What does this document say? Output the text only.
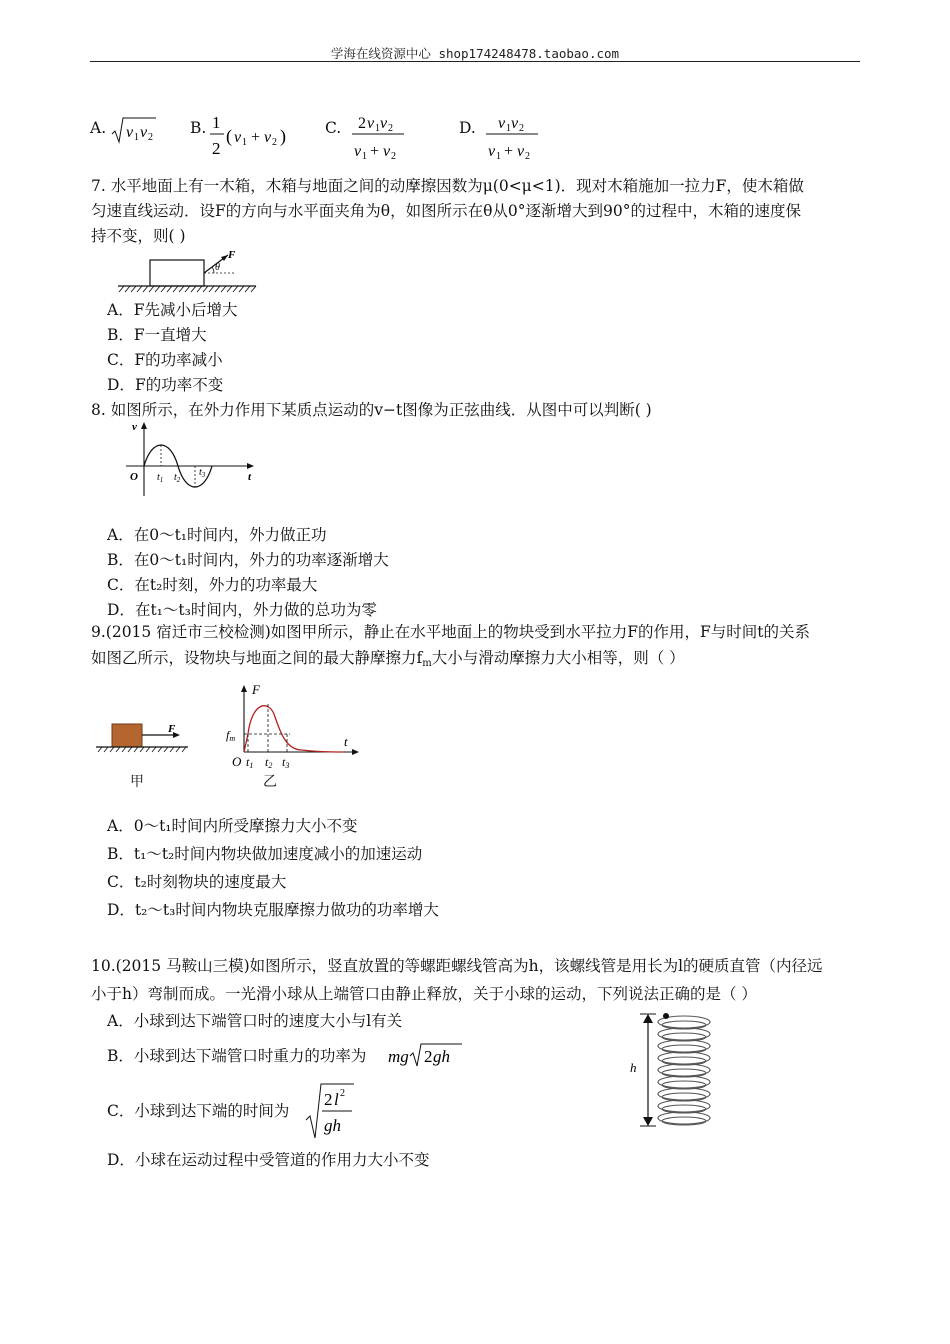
学海在线资源中心 shop174248478.taobao.com
A. v 1 v 2
B. 1
2
( v 1 + v 2 )	C. 2 v 1 v 2
v 1 + v 2
D. v 1 v 2
v 1 + v 2
7. 水平地面上有一木箱，木箱与地面之间的动摩擦因数为μ(0<μ<1)．现对木箱施加一拉力F，使木箱做
匀速直线运动．设F的方向与水平面夹角为θ，如图所示在θ从0°逐渐增大到90°的过程中，木箱的速度保
持不变，则( )
F
θ
A．F先减小后增大
B．F一直增大
C．F的功率减小
D．F的功率不变
8. 如图所示，在外力作用下某质点运动的v−t图像为正弦曲线．从图中可以判断( )
v
t
O $t_1$ $t_2$
$t_3$
A．在0～t₁时间内，外力做正功
B．在0～t₁时间内，外力的功率逐渐增大
C．在t₂时刻，外力的功率最大
D．在t₁～t₃时间内，外力做的总功为零
9.(2015 宿迁市三校检测)如图甲所示，静止在水平地面上的物块受到水平拉力F的作用，F与时间t的关系
如图乙所示，设物块与地面之间的最大静摩擦力fm大小与滑动摩擦力大小相等，则（ ）
F
甲
F
t
fm
O t1 t2 t3
乙
A．0～t₁时间内所受摩擦力大小不变
B．t₁～t₂时间内物块做加速度减小的加速运动
C．t₂时刻物块的速度最大
D．t₂～t₃时间内物块克服摩擦力做功的功率增大
10.(2015 马鞍山三模)如图所示，竖直放置的等螺距螺线管高为h，该螺线管是用长为l的硬质直管（内径远
小于h）弯制而成。一光滑小球从上端管口由静止释放，关于小球的运动，下列说法正确的是（ ）
A．小球到达下端管口时的速度大小与l有关
B．小球到达下端管口时重力的功率为 mg 2 gh
C．小球到达下端的时间为
2 l 2
gh
D．小球在运动过程中受管道的作用力大小不变
h
